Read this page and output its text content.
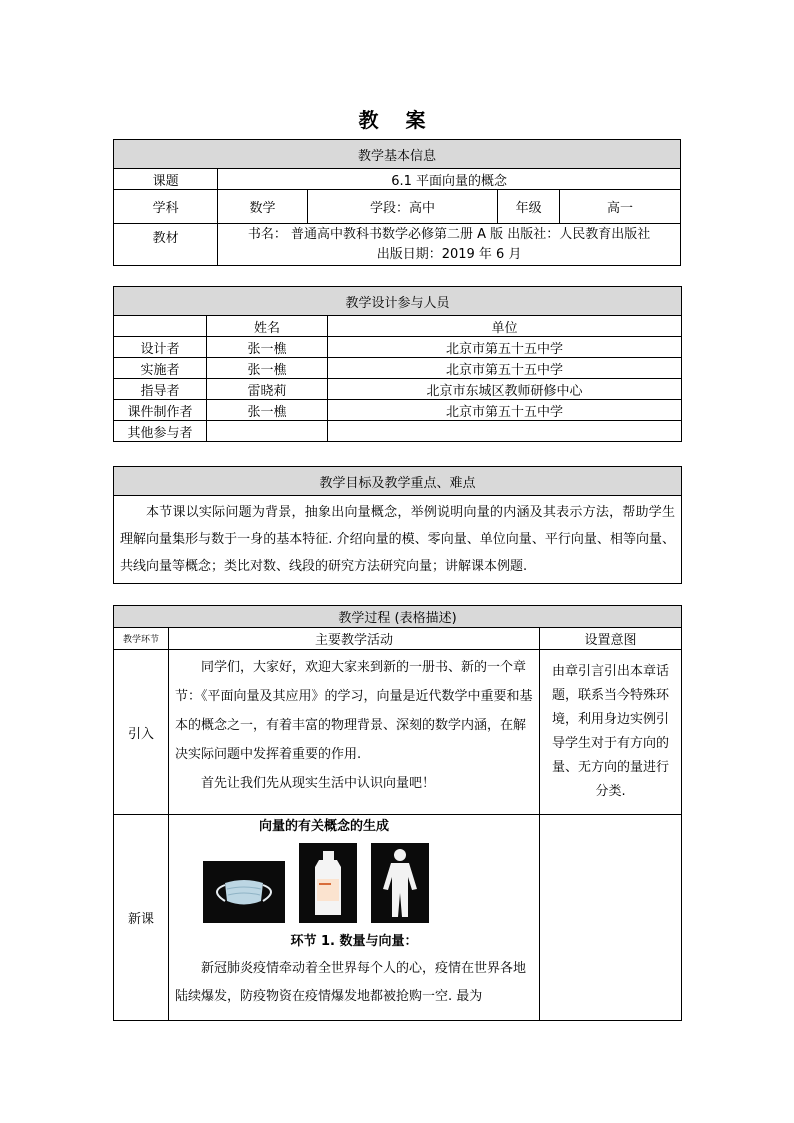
教 案
教学基本信息				
课题	6.1 平面向量的概念			
学科	数学	学段：高中	年级	高一
教材	书名： 普通高中教科书数学必修第二册 A 版 出版社：人民教育出版社
出版日期：2019 年 6 月			
教学设计参与人员		
	姓名	单位
设计者	张一樵	北京市第五十五中学
实施者	张一樵	北京市第五十五中学
指导者	雷晓莉	北京市东城区教师研修中心
课件制作者	张一樵	北京市第五十五中学
其他参与者		
教学目标及教学重点、难点

本节课以实际问题为背景，抽象出向量概念，举例说明向量的内涵及其表示方法，帮助学生理解向量集形与数于一身的基本特征. 介绍向量的模、零向量、单位向量、平行向量、相等向量、共线向量等概念；类比对数、线段的研究方法研究向量；讲解课本例题.

教学过程 (表格描述)		
教学环节	主要教学活动	设置意图
引入	同学们，大家好，欢迎大家来到新的一册书、新的一个章节：《平面向量及其应用》的学习，向量是近代数学中重要和基本的概念之一，有着丰富的物理背景、深刻的数学内涵，在解决实际问题中发挥着重要的作用.

首先让我们先从现实生活中认识向量吧！	由章引言引出本章话题，联系当今特殊环境，利用身边实例引导学生对于有方向的量、无方向的量进行分类.
新课	向量的有关概念的生成
环节 1. 数量与向量：

新冠肺炎疫情牵动着全世界每个人的心，疫情在世界各地陆续爆发，防疫物资在疫情爆发地都被抢购一空. 最为	
